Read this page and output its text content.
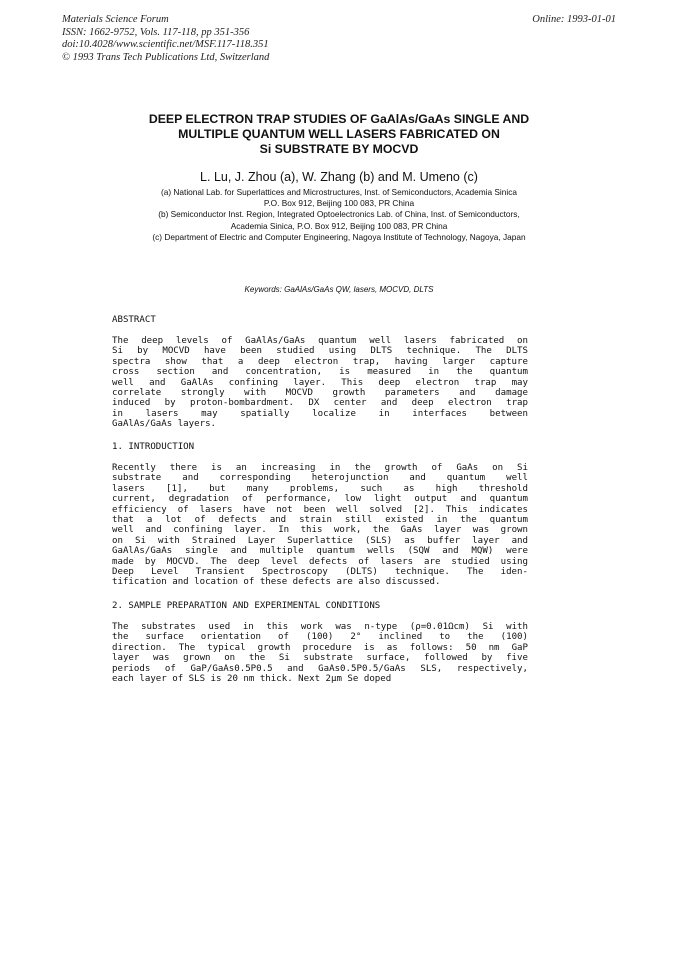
Materials Science Forum
ISSN: 1662-9752, Vols. 117-118, pp 351-356
doi:10.4028/www.scientific.net/MSF.117-118.351
© 1993 Trans Tech Publications Ltd, Switzerland
Online: 1993-01-01
DEEP ELECTRON TRAP STUDIES OF GaAlAs/GaAs SINGLE AND
MULTIPLE QUANTUM WELL LASERS FABRICATED ON
Si SUBSTRATE BY MOCVD
L. Lu, J. Zhou (a), W. Zhang (b) and M. Umeno (c)
(a) National Lab. for Superlattices and Microstructures, Inst. of Semiconductors, Academia Sinica
P.O. Box 912, Beijing 100 083, PR China
(b) Semiconductor Inst. Region, Integrated Optoelectronics Lab. of China, Inst. of Semiconductors,
Academia Sinica, P.O. Box 912, Beijing 100 083, PR China
(c) Department of Electric and Computer Engineering, Nagoya Institute of Technology, Nagoya, Japan
Keywords: GaAlAs/GaAs QW, lasers, MOCVD, DLTS
ABSTRACT
The deep levels of GaAlAs/GaAs quantum well lasers fabricated on
Si by MOCVD have been studied using DLTS technique. The DLTS
spectra show that a deep electron trap, having larger capture
cross section and concentration, is measured in the quantum
well and GaAlAs confining layer. This deep electron trap may
correlate strongly with MOCVD growth parameters and damage
induced by proton-bombardment. DX center and deep electron trap
in lasers may spatially localize in interfaces between
GaAlAs/GaAs layers.
1. INTRODUCTION
Recently there is an increasing in the growth of GaAs on Si
substrate and corresponding heterojunction and quantum well
lasers [1], but many problems, such as high threshold
current, degradation of performance, low light output and quantum
efficiency of lasers have not been well solved [2]. This indicates
that a lot of defects and strain still existed in the quantum
well and confining layer. In this work, the GaAs layer was grown
on Si with Strained Layer Superlattice (SLS) as buffer layer and
GaAlAs/GaAs single and multiple quantum wells (SQW and MQW) were
made by MOCVD. The deep level defects of lasers are studied using
Deep Level Transient Spectroscopy (DLTS) technique. The iden-
tification and location of these defects are also discussed.
2. SAMPLE PREPARATION AND EXPERIMENTAL CONDITIONS
The substrates used in this work was n-type (ρ=0.01Ωcm) Si with
the surface orientation of (100) 2° inclined to the (100)
direction. The typical growth procedure is as follows: 50 nm GaP
layer was grown on the Si substrate surface, followed by five
periods of GaP/GaAs0.5P0.5 and GaAs0.5P0.5/GaAs SLS, respectively,
each layer of SLS is 20 nm thick. Next 2μm Se doped
